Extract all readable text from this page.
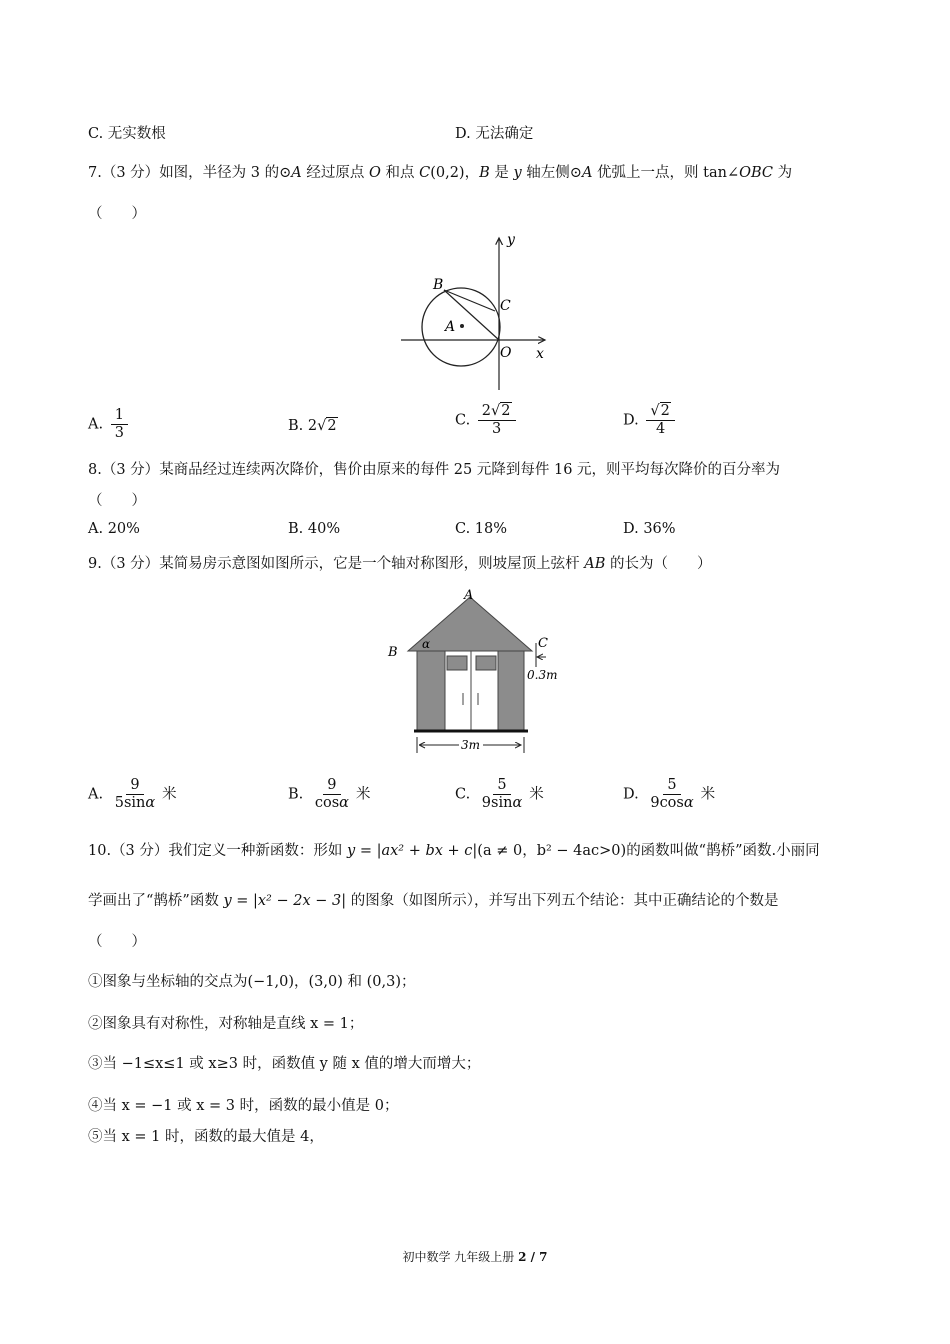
C. 无实数根	D. 无法确定
7.（3 分）如图，半径为 3 的⊙A 经过原点 O 和点 C(0,2)，B 是 y 轴左侧⊙A 优弧上一点，则 tan∠OBC 为
（　　）
y
x
B
C
A
O
A. $\frac{1}{3}$	B. 2√2	C. $\frac{2√2}{3}$	D. $\frac{√2}{4}$
8.（3 分）某商品经过连续两次降价，售价由原来的每件 25 元降到每件 16 元，则平均每次降价的百分率为
（　　）
A. 20%	B. 40%	C. 18%	D. 36%
9.（3 分）某简易房示意图如图所示，它是一个轴对称图形，则坡屋顶上弦杆 AB 的长为（　　）
A
B
C
α
0.3m
3m
A. $\frac{9}{5\sin\alpha}$ 米	B. $\frac{9}{\cos\alpha}$ 米	C. $\frac{5}{9\sin\alpha}$ 米	D. $\frac{5}{9\cos\alpha}$ 米
10.（3 分）我们定义一种新函数：形如 y = |ax² + bx + c|(a ≠ 0，b² − 4ac>0)的函数叫做“鹊桥”函数.小丽同
学画出了“鹊桥”函数 y = |x² − 2x − 3| 的图象（如图所示），并写出下列五个结论：其中正确结论的个数是
（　　）
①图象与坐标轴的交点为(−1,0)，(3,0) 和 (0,3)；
②图象具有对称性，对称轴是直线 x = 1；
③当 −1≤x≤1 或 x≥3 时，函数值 y 随 x 值的增大而增大；
④当 x = −1 或 x = 3 时，函数的最小值是 0；
⑤当 x = 1 时，函数的最大值是 4，
初中数学 九年级上册 2 / 7
